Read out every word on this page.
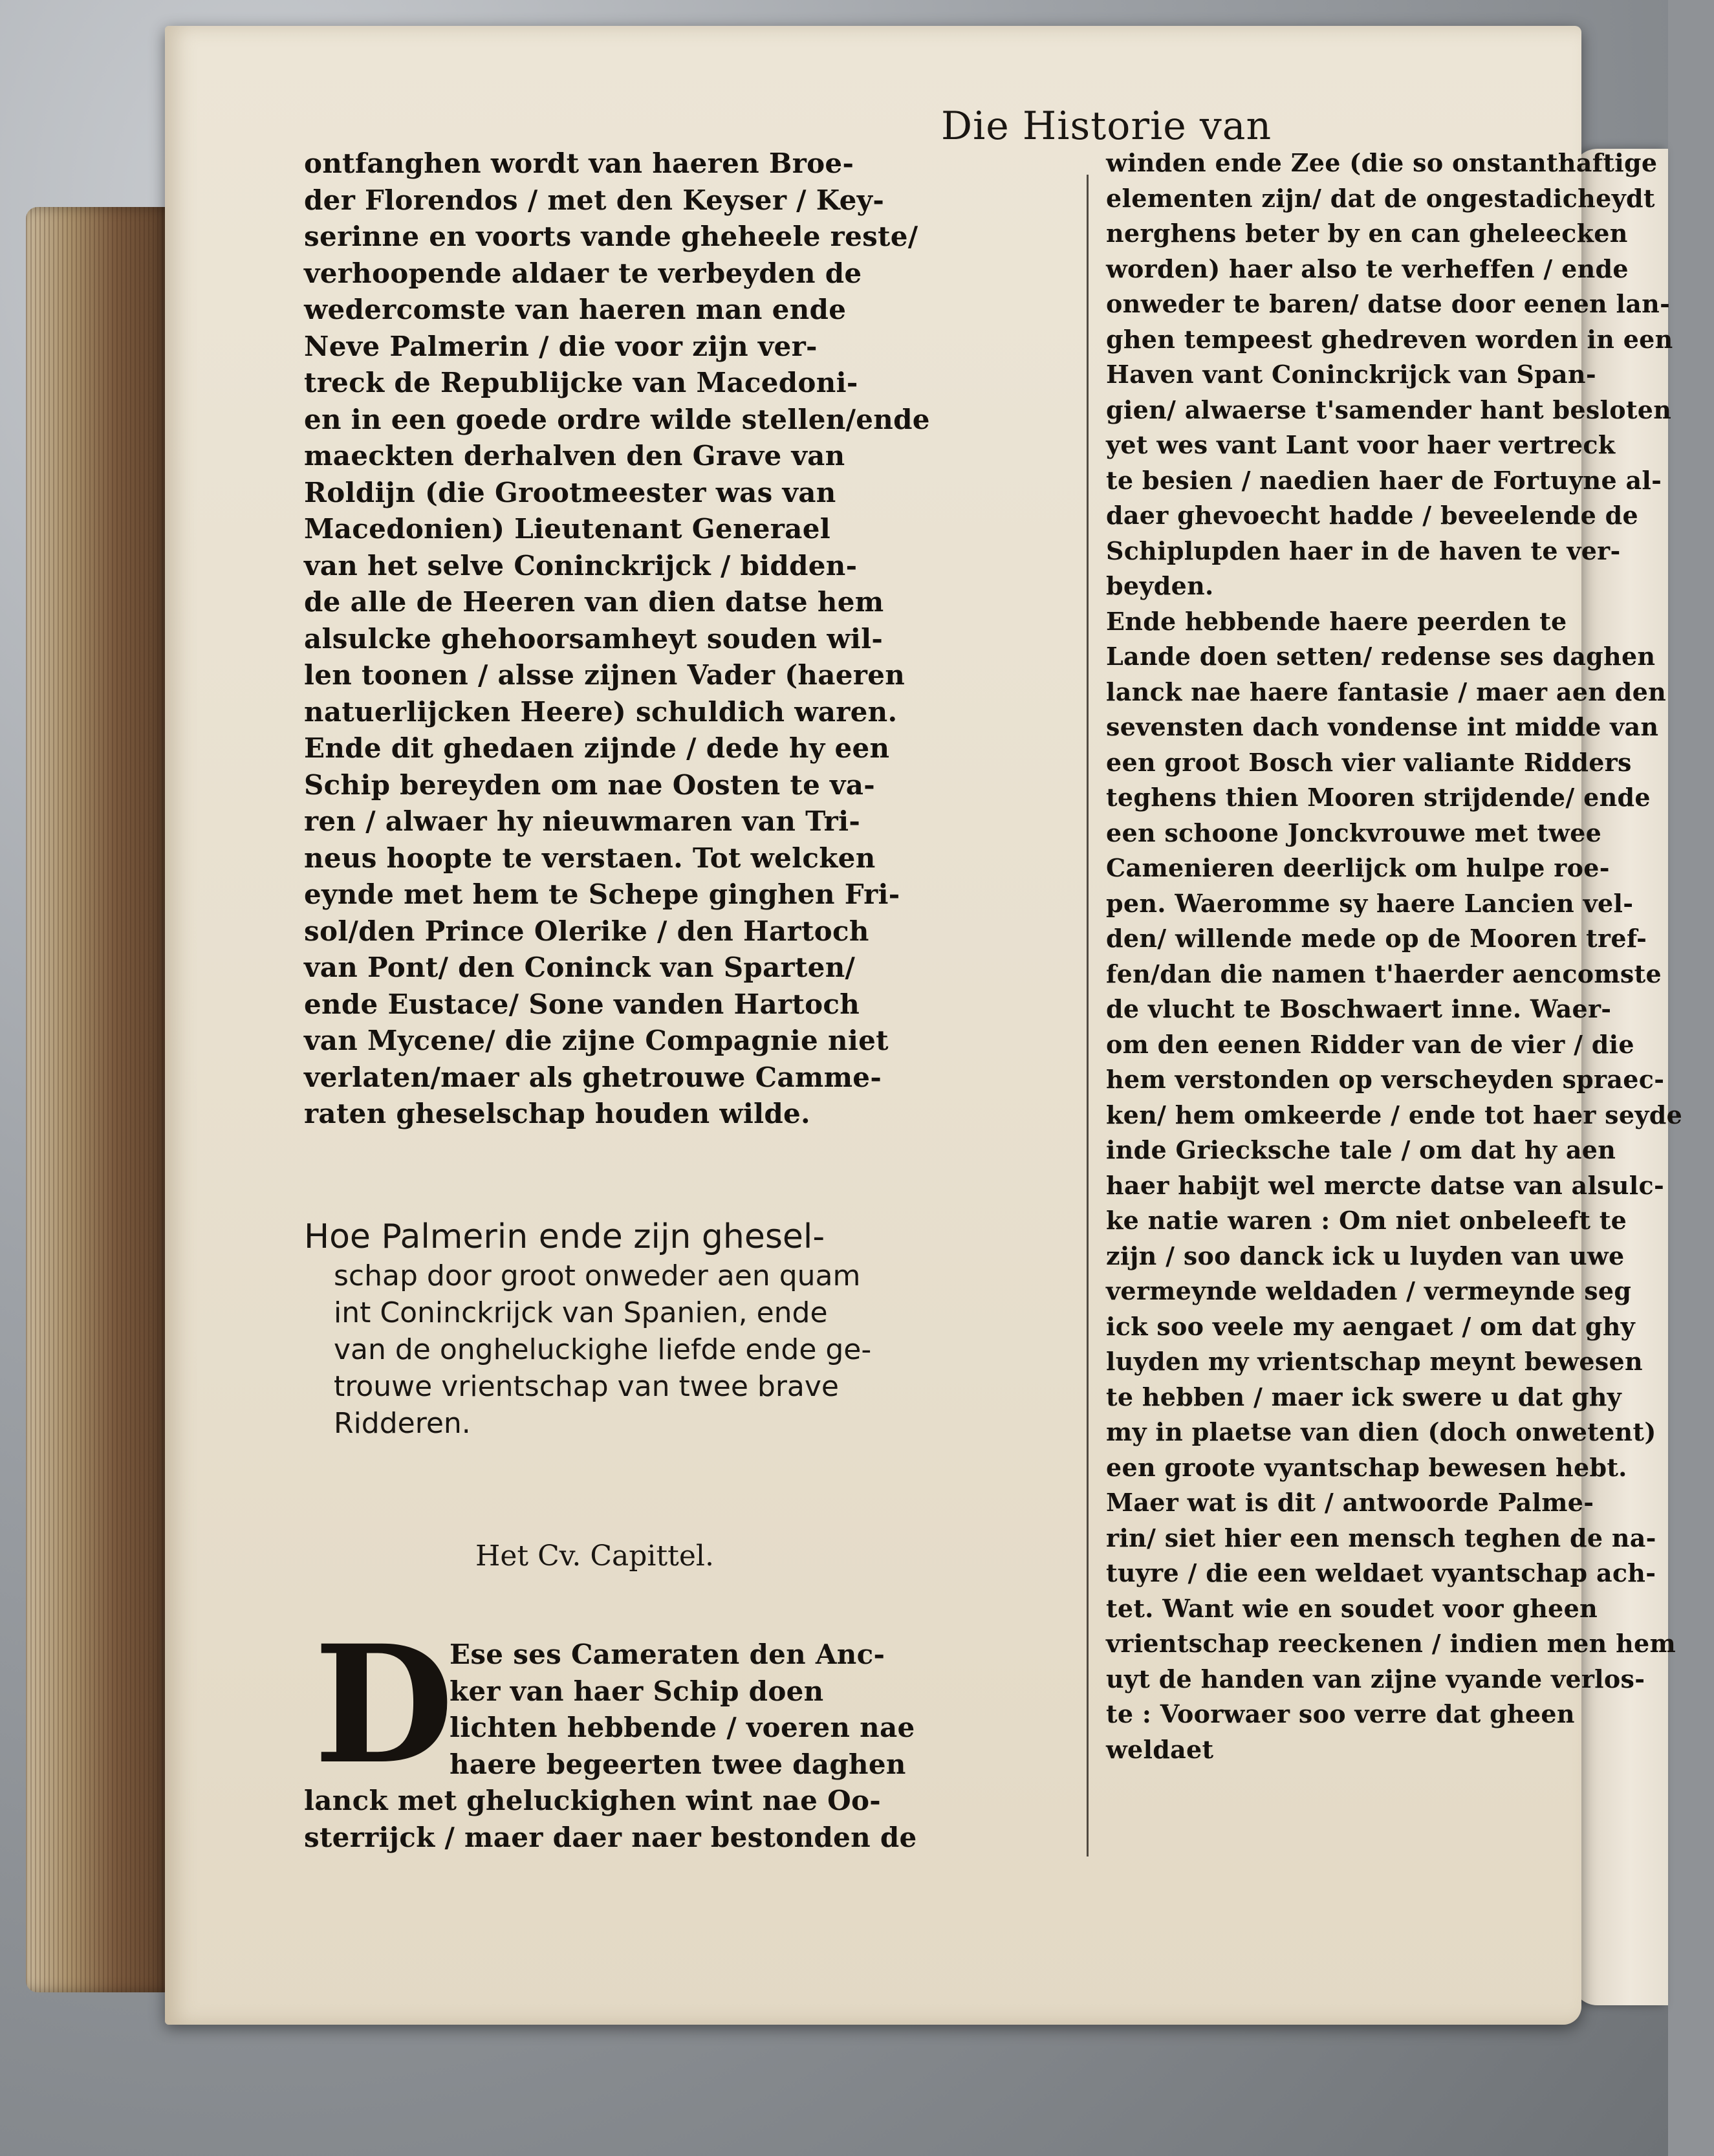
Die Historie van
ontfanghen wordt van haeren Broe-
der Florendos / met den Keyser / Key-
serinne en voorts vande gheheele reste/
verhoopende aldaer te verbeyden de
wedercomste van haeren man ende
Neve Palmerin / die voor zijn ver-
treck de Republijcke van Macedoni-
en in een goede ordre wilde stellen/ende
maeckten derhalven den Grave van
Roldijn (die Grootmeester was van
Macedonien) Lieutenant Generael
van het selve Coninckrijck / bidden-
de alle de Heeren van dien datse hem
alsulcke ghehoorsamheyt souden wil-
len toonen / alsse zijnen Vader (haeren
natuerlijcken Heere) schuldich waren.
Ende dit ghedaen zijnde / dede hy een
Schip bereyden om nae Oosten te va-
ren / alwaer hy nieuwmaren van Tri-
neus hoopte te verstaen. Tot welcken
eynde met hem te Schepe ginghen Fri-
sol/den Prince Olerike / den Hartoch
van Pont/ den Coninck van Sparten/
ende Eustace/ Sone vanden Hartoch
van Mycene/ die zijne Compagnie niet
verlaten/maer als ghetrouwe Camme-
raten gheselschap houden wilde.
Hoe Palmerin ende zijn ghesel-
schap door groot onweder aen quam
int Coninckrijck van Spanien, ende
van de ongheluckighe liefde ende ge-
trouwe vrientschap van twee brave
Ridderen.
Het Cv. Capittel.
D
Ese ses Cameraten den Anc-
ker van haer Schip doen
lichten hebbende / voeren nae
haere begeerten twee daghen
lanck met gheluckighen wint nae Oo-
sterrijck / maer daer naer bestonden de
winden ende Zee (die so onstanthaftige
elementen zijn/ dat de ongestadicheydt
nerghens beter by en can gheleecken
worden) haer also te verheffen / ende
onweder te baren/ datse door eenen lan-
ghen tempeest ghedreven worden in een
Haven vant Coninckrijck van Span-
gien/ alwaerse t'samender hant besloten
yet wes vant Lant voor haer vertreck
te besien / naedien haer de Fortuyne al-
daer ghevoecht hadde / beveelende de
Schiplupden haer in de haven te ver-
beyden.
Ende hebbende haere peerden te
Lande doen setten/ redense ses daghen
lanck nae haere fantasie / maer aen den
sevensten dach vondense int midde van
een groot Bosch vier valiante Ridders
teghens thien Mooren strijdende/ ende
een schoone Jonckvrouwe met twee
Camenieren deerlijck om hulpe roe-
pen. Waeromme sy haere Lancien vel-
den/ willende mede op de Mooren tref-
fen/dan die namen t'haerder aencomste
de vlucht te Boschwaert inne. Waer-
om den eenen Ridder van de vier / die
hem verstonden op verscheyden spraec-
ken/ hem omkeerde / ende tot haer seyde
inde Griecksche tale / om dat hy aen
haer habijt wel mercte datse van alsulc-
ke natie waren : Om niet onbeleeft te
zijn / soo danck ick u luyden van uwe
vermeynde weldaden / vermeynde seg
ick soo veele my aengaet / om dat ghy
luyden my vrientschap meynt bewesen
te hebben / maer ick swere u dat ghy
my in plaetse van dien (doch onwetent)
een groote vyantschap bewesen hebt.
Maer wat is dit / antwoorde Palme-
rin/ siet hier een mensch teghen de na-
tuyre / die een weldaet vyantschap ach-
tet. Want wie en soudet voor gheen
vrientschap reeckenen / indien men hem
uyt de handen van zijne vyande verlos-
te : Voorwaer soo verre dat gheen
weldaet
